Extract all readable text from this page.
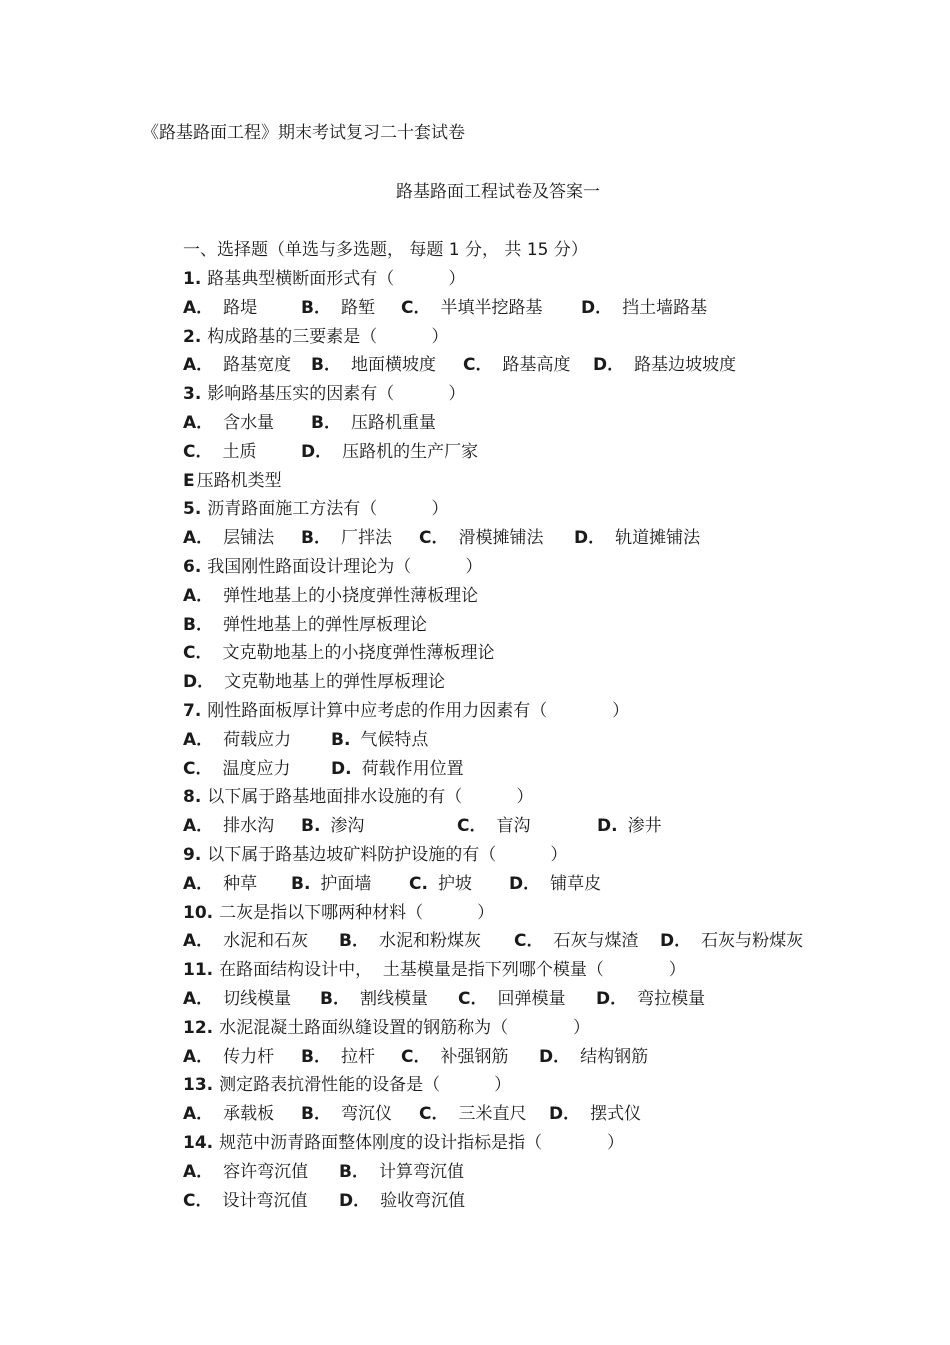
《路基路面工程》期末考试复习二十套试卷
路基路面工程试卷及答案一
一、选择题（单选与多选题， 每题 1 分， 共 15 分）
1. 路基典型横断面形式有（          ）
A． 路堤	B． 路堑	C． 半填半挖路基	D． 挡土墙路基
2. 构成路基的三要素是（          ）
A． 路基宽度	B． 地面横坡度	C． 路基高度	D． 路基边坡坡度
3. 影响路基压实的因素有（          ）
A． 含水量	B． 压路机重量
C． 土质	D． 压路机的生产厂家
E 压路机类型
5. 沥青路面施工方法有（          ）
A． 层铺法	B． 厂拌法	C． 滑模摊铺法	D． 轨道摊铺法
6. 我国刚性路面设计理论为（          ）
A． 弹性地基上的小挠度弹性薄板理论
B． 弹性地基上的弹性厚板理论
C． 文克勒地基上的小挠度弹性薄板理论
D． 文克勒地基上的弹性厚板理论
7. 刚性路面板厚计算中应考虑的作用力因素有（            ）
A． 荷载应力	B. 气候特点
C． 温度应力	D. 荷载作用位置
8. 以下属于路基地面排水设施的有（          ）
A． 排水沟	B. 渗沟	C． 盲沟	D. 渗井
9. 以下属于路基边坡矿料防护设施的有（          ）
A． 种草	B. 护面墙	C. 护坡	D． 铺草皮
10. 二灰是指以下哪两种材料（          ）
A． 水泥和石灰	B． 水泥和粉煤灰	C． 石灰与煤渣	D． 石灰与粉煤灰
11. 在路面结构设计中，  土基模量是指下列哪个模量（            ）
A． 切线模量	B． 割线模量	C． 回弹模量	D． 弯拉模量
12. 水泥混凝土路面纵缝设置的钢筋称为（            ）
A． 传力杆	B． 拉杆	C． 补强钢筋	D． 结构钢筋
13. 测定路表抗滑性能的设备是（          ）
A． 承载板	B． 弯沉仪	C． 三米直尺	D． 摆式仪
14. 规范中沥青路面整体刚度的设计指标是指（            ）
A． 容许弯沉值	B． 计算弯沉值
C． 设计弯沉值	D． 验收弯沉值
